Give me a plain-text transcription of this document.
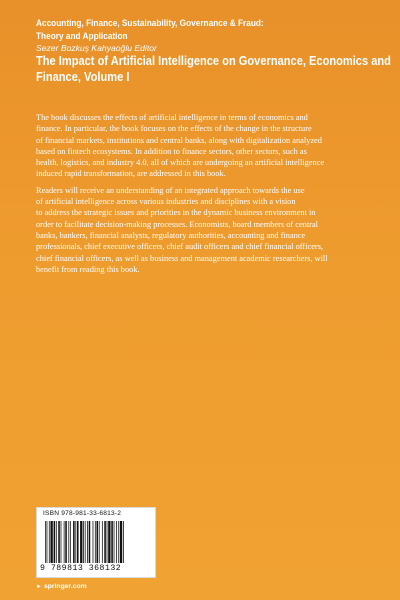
Accounting, Finance, Sustainability, Governance & Fraud:
Theory and Application
Sezer Bozkuş Kahyaoğlu Editor
The Impact of Artificial Intelligence on Governance, Economics and
Finance, Volume I
The book discusses the effects of artificial intelligence in terms of economics and
finance. In particular, the book focuses on the effects of the change in the structure
of financial markets, institutions and central banks, along with digitalization analyzed
based on fintech ecosystems. In addition to finance sectors, other sectors, such as
health, logistics, and industry 4.0, all of which are undergoing an artificial intelligence
induced rapid transformation, are addressed in this book.
Readers will receive an understanding of an integrated approach towards the use
of artificial intelligence across various industries and disciplines with a vision
to address the strategic issues and priorities in the dynamic business environment in
order to facilitate decision-making processes. Economists, board members of central
banks, bankers, financial analysts, regulatory authorities, accounting and finance
professionals, chief executive officers, chief audit officers and chief financial officers,
chief financial officers, as well as business and management academic researchers, will
benefit from reading this book.
ISBN 978-981-33-6813-2
9 789813 368132
► springer.com
